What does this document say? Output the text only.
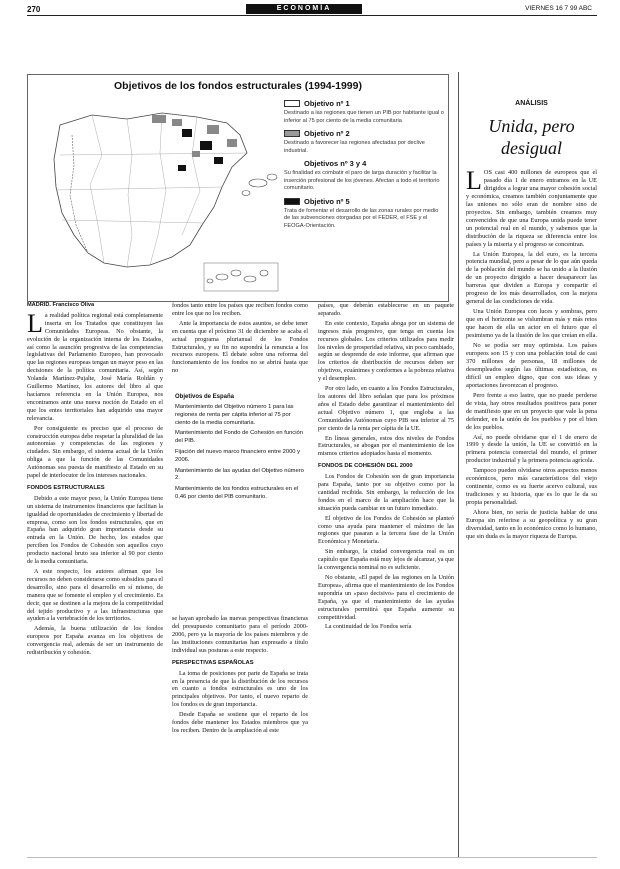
270	ECONOMÍA	VIERNES 16 7 99 ABC
Objetivos de los fondos estructurales (1994-1999)
Objetivo nº 1
Destinado a las regiones que tienen un PIB por habitante igual o inferior al 75 por ciento de la media comunitaria
Objetivo nº 2
Destinado a favorecer las regiones afectadas por declive industrial.
Objetivos nº 3 y 4
Su finalidad es combatir el paro de larga duración y facilitar la inserción profesional de los jóvenes. Afectan a todo el territorio comunitario.
Objetivo nº 5
Trata de fomentar el desarrollo de las zonas rurales por medio de las subvenciones otorgadas por el FEDER, el FSE y el FEOGA-Orientación.
MADRID. Francisco Oliva

La realidad política regional está completamente inserta en los Tratados que constituyen las Comunidades Europeas. No obstante, la evolución de la organización interna de los Estados, así como la asunción progresiva de las competencias legislativas del Parlamento Europeo, han provocado que las regiones europeas tengan un mayor peso en las decisiones de la política comunitaria. Así, según Yolanda Martínez-Pujalte, José María Roldán y Guillermo Martínez, los autores del libro al que hacíamos referencia en la Unión Europea, nos encontramos ante una nueva noción de Estado en el que los entes territoriales han adquirido una mayor relevancia.

Por consiguiente es preciso que el proceso de construcción europea debe respetar la pluralidad de las autonomías y competencias de las regiones y ciudades. Sin embargo, el sistema actual de la Unión obliga a que la función de las Comunidades Autónomas sea puesta de manifiesto al Estado en su papel de interlocutor de los intereses nacionales.

FONDOS ESTRUCTURALES

Debido a este mayor peso, la Unión Europea tiene un sistema de instrumentos financieros que facilitan la igualdad de oportunidades de crecimiento y libertad de empresa, como son los fondos estructurales, que en España han adquirido gran importancia desde su entrada en la Unión. De hecho, los estados que perciben los Fondos de Cohesión son aquellos cuyo producto nacional bruto sea inferior al 90 por ciento de la media comunitaria.

A este respecto, los autores afirman que los recursos no deben considerarse como subsidios para el desarrollo, sino para el desarrollo en sí mismo, de manera que se fomente el empleo y el crecimiento. Es decir, que se destinen a la mejora de la competitividad del tejido productivo y a las infraestructuras que ayuden a la vertebración de los territorios.

Además, la buena utilización de los fondos europeos por España avanza en los objetivos de convergencia real, además de ser un instrumento de redistribución y cohesión.

fondos tanto entre los países que reciben fondos como entre los que no los reciben.

Ante la importancia de estos asuntos, se debe tener en cuenta que el próximo 31 de diciembre se acaba el actual programa plurianual de los Fondos Estructurales, y su fin no supondrá la renuncia a los recursos europeos. El debate sobre una reforma del funcionamiento de los fondos no se abrirá hasta que no

se hayan aprobado las nuevas perspectivas financieras del presupuesto comunitario para el período 2000-2006, pero ya la mayoría de los países miembros y de las instituciones comunitarias han expresado a título individual sus posturas a este respecto.

PERSPECTIVAS ESPAÑOLAS

La toma de posiciones por parte de España se trata en la presencia de que la distribución de los recursos en cuanto a fondos estructurales es uno de los principales objetivos. Por tanto, el nuevo reparto de los fondos es de gran importancia.

Desde España se sostiene que el reparto de los fondos debe mantener los Estados miembros que ya los reciben. Dentro de la ampliación al este

Objetivos de España
Mantenimiento del Objetivo número 1 para las regiones de renta per cápita inferior al 75 por ciento de la media comunitaria.
Mantenimiento del Fondo de Cohesión en función del PIB.
Fijación del nuevo marco financiero entre 2000 y 2006.
Mantenimiento de las ayudas del Objetivo número 2.
Mantenimiento de los fondos estructurales en el 0,46 por ciento del PIB comunitario.

países, que deberán establecerse en un paquete separado.

En este contexto, España aboga por un sistema de ingresos más progresivo, que tenga en cuenta los recursos globales. Los criterios utilizados para medir los niveles de prosperidad relativa, sin poco cambiado, según se desprende de este informe, que afirman que los criterios de distribución de recursos deben ser objetivos, ecuánimes y conformes a la pobreza relativa y el desempleo.

Por otro lado, en cuanto a los Fondos Estructurales, los autores del libro señalan que para los próximos años el Estado debe garantizar el mantenimiento del actual Objetivo número 1, que engloba a las Comunidades Autónomas cuyo PIB sea inferior al 75 por ciento de la renta per cápita de la UE.

En líneas generales, estos dos niveles de Fondos Estructurales, se abogan por el mantenimiento de los mismos criterios adoptados hasta el momento.

FONDOS DE COHESIÓN DEL 2000

Los Fondos de Cohesión son de gran importancia para España, tanto por su objetivo como por la cantidad recibida. Sin embargo, la reducción de los fondos en el marco de la ampliación hace que la situación pueda cambiar en un futuro inmediato.

El objetivo de los Fondos de Cohesión se planteó como una ayuda para mantener el máximo de las regiones que pasaran a la tercera fase de la Unión Económica y Monetaria.

Sin embargo, la ciudad convergencia real es un capítulo que España está muy lejos de alcanzar, ya que la convergencia nominal no es suficiente.

No obstante, «El papel de las regiones en la Unión Europea», afirma que el mantenimiento de los Fondos supondría un «paso decisivo» para el crecimiento de España, ya que el mantenimiento de las ayudas estructurales permitirá que España aumente su competitividad.

La continuidad de los Fondos sería

ANÁLISIS
Unida, pero desigual

LOS casi 400 millones de europeos que el pasado día 1 de enero entramos en la UE dirigidos a lograr una mayor cohesión social y económica, creamos también conjuntamente que las uniones no sólo eran de nombre sino de proyectos. Sin embargo, también creamos muy convencidos de que una Europa unida puede tener un potencial real en el mundo, y sabemos que la distribución de la riqueza se diferencia entre los países y la miseria y el progreso se concentran.

La Unión Europea, la del euro, es la tercera potencia mundial, pero a pesar de lo que aún queda de la población del mundo se ha unido a la ilusión de un proyecto dirigido a hacer desaparecer las barreras que dividen a Europa y compartir el progreso de los más desarrollados, con la mejora general de las condiciones de vida.

Una Unión Europea con luces y sombras, pero que en el horizonte se vislumbran más y más retos que hacen de ella un actor en el futuro que el pesimismo ya de la ilusión de los que creían en ella.

No se podía ser muy optimista. Los países europeos son 15 y con una población total de casi 370 millones de personas, 18 millones de desempleados según las últimas estadísticas, es difícil un empleo digno, que con sus ideas y aportaciones favorezcan el progreso.

Pero frente a eso lastre, que no puede perderse de vista, hay otros resultados positivos para poner de manifiesto que en un proyecto que vale la pena defender, en la unión de los pueblos y por el bien de los pueblos.

Así, no puede olvidarse que el 1 de enero de 1999 y desde la unión, la UE se convirtió en la primera potencia comercial del mundo, el primer productor industrial y la primera potencia agrícola.

Tampoco pueden olvidarse otros aspectos menos económicos, pero más característicos del viejo continente, como es su fuerte acervo cultural, sus tradiciones y su historia, que es lo que le da su propia personalidad.

Ahora bien, no sería de justicia hablar de una Europa sin referirse a su geopolítica y su gran diversidad, tanto en lo económico como lo humano, que sin duda es la mayor riqueza de Europa.
